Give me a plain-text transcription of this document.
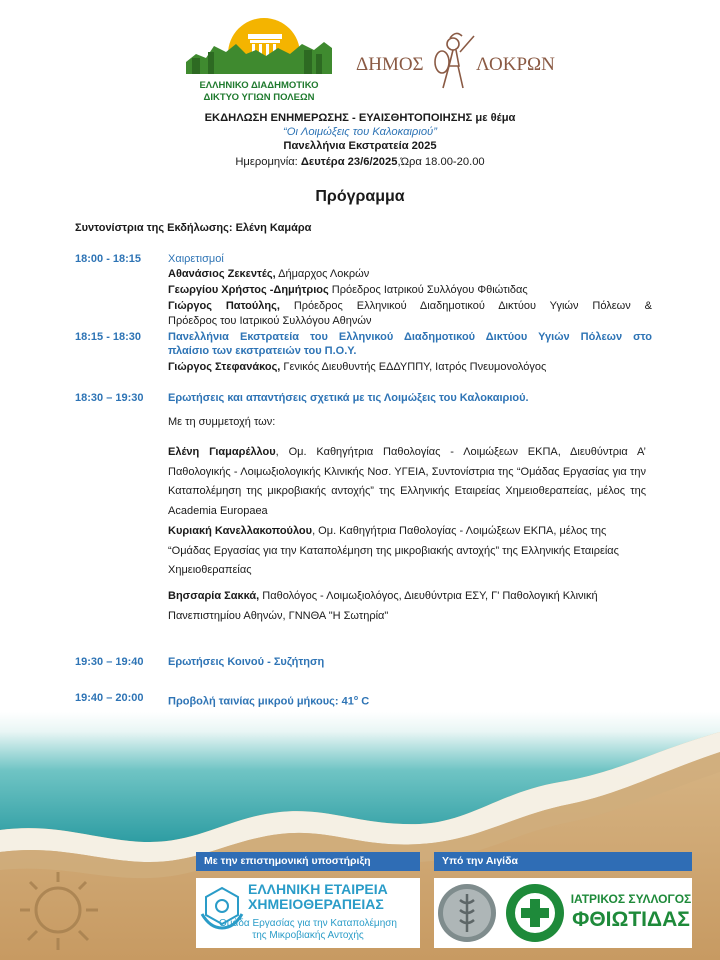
ΕΛΛΗΝΙΚΟ ΔΙΑΔΗΜΟΤΙΚΟ
ΔΙΚΤΥΟ ΥΓΙΩΝ ΠΟΛΕΩΝ
ΔΗΜΟΣ	ΛΟΚΡΩΝ
ΕΚΔΗΛΩΣΗ ΕΝΗΜΕΡΩΣΗΣ - ΕΥΑΙΣΘΗΤΟΠΟΙΗΣΗΣ με θέμα
“Οι Λοιμώξεις του Καλοκαιριού”
Πανελλήνια Εκστρατεία 2025
Ημερομηνία: Δευτέρα 23/6/2025,Ώρα 18.00-20.00
Πρόγραμμα
Συντονίστρια της Εκδήλωσης: Ελένη Καμάρα
18:00 - 18:15 Χαιρετισμοί
Αθανάσιος Ζεκεντές, Δήμαρχος Λοκρών
Γεωργίου Χρήστος -Δημήτριος Πρόεδρος Ιατρικού Συλλόγου Φθιώτιδας
Γιώργος Πατούλης, Πρόεδρος Ελληνικού Διαδημοτικού Δικτύου Υγιών Πόλεων &
Πρόεδρος του Ιατρικού Συλλόγου Αθηνών
18:15 - 18:30 Πανελλήνια Εκστρατεία του Ελληνικού Διαδημοτικού Δικτύου Υγιών Πόλεων στο
πλαίσιο των εκστρατειών του Π.Ο.Υ.
Γιώργος Στεφανάκος, Γενικός Διευθυντής ΕΔΔΥΠΠΥ, Ιατρός Πνευμονολόγος
18:30 – 19:30 Ερωτήσεις και απαντήσεις σχετικά με τις Λοιμώξεις του Καλοκαιριού.
Με τη συμμετοχή των:
Ελένη Γιαμαρέλλου, Ομ. Καθηγήτρια Παθολογίας - Λοιμώξεων ΕΚΠΑ, Διευθύντρια Α’ Παθολογικής - Λοιμωξιολογικής Κλινικής Νοσ. ΥΓΕΙΑ, Συντονίστρια της “Ομάδας Εργασίας για την Καταπολέμηση της μικροβιακής αντοχής” της Ελληνικής Εταιρείας Χημειοθεραπείας, μέλος της Academia Europaea
Κυριακή Κανελλακοπούλου, Ομ. Καθηγήτρια Παθολογίας - Λοιμώξεων ΕΚΠΑ, μέλος της “Ομάδας Εργασίας για την Καταπολέμηση της μικροβιακής αντοχής” της Ελληνικής Εταιρείας Χημειοθεραπείας
Βησσαρία Σακκά, Παθολόγος - Λοιμωξιολόγος, Διευθύντρια ΕΣΥ, Γ' Παθολογική Κλινική Πανεπιστημίου Αθηνών, ΓΝΝΘΑ "Η Σωτηρία"
19:30 – 19:40 Ερωτήσεις Κοινού - Συζήτηση
19:40 – 20:00 Προβολή ταινίας μικρού μήκους: $41^o$ C
Με την επιστημονική υποστήριξη	Υπό την Αιγίδα
ΕΛΛΗΝΙΚΗ ΕΤΑΙΡΕΙΑ
ΧΗΜΕΙΟΘΕΡΑΠΕΙΑΣ
Ομάδα Εργασίας για την Καταπολέμηση
της Μικροβιακής Αντοχής
ΙΑΤΡΙΚΟΣ ΣΥΛΛΟΓΟΣ
ΦΘΙΩΤΙΔΑΣ
